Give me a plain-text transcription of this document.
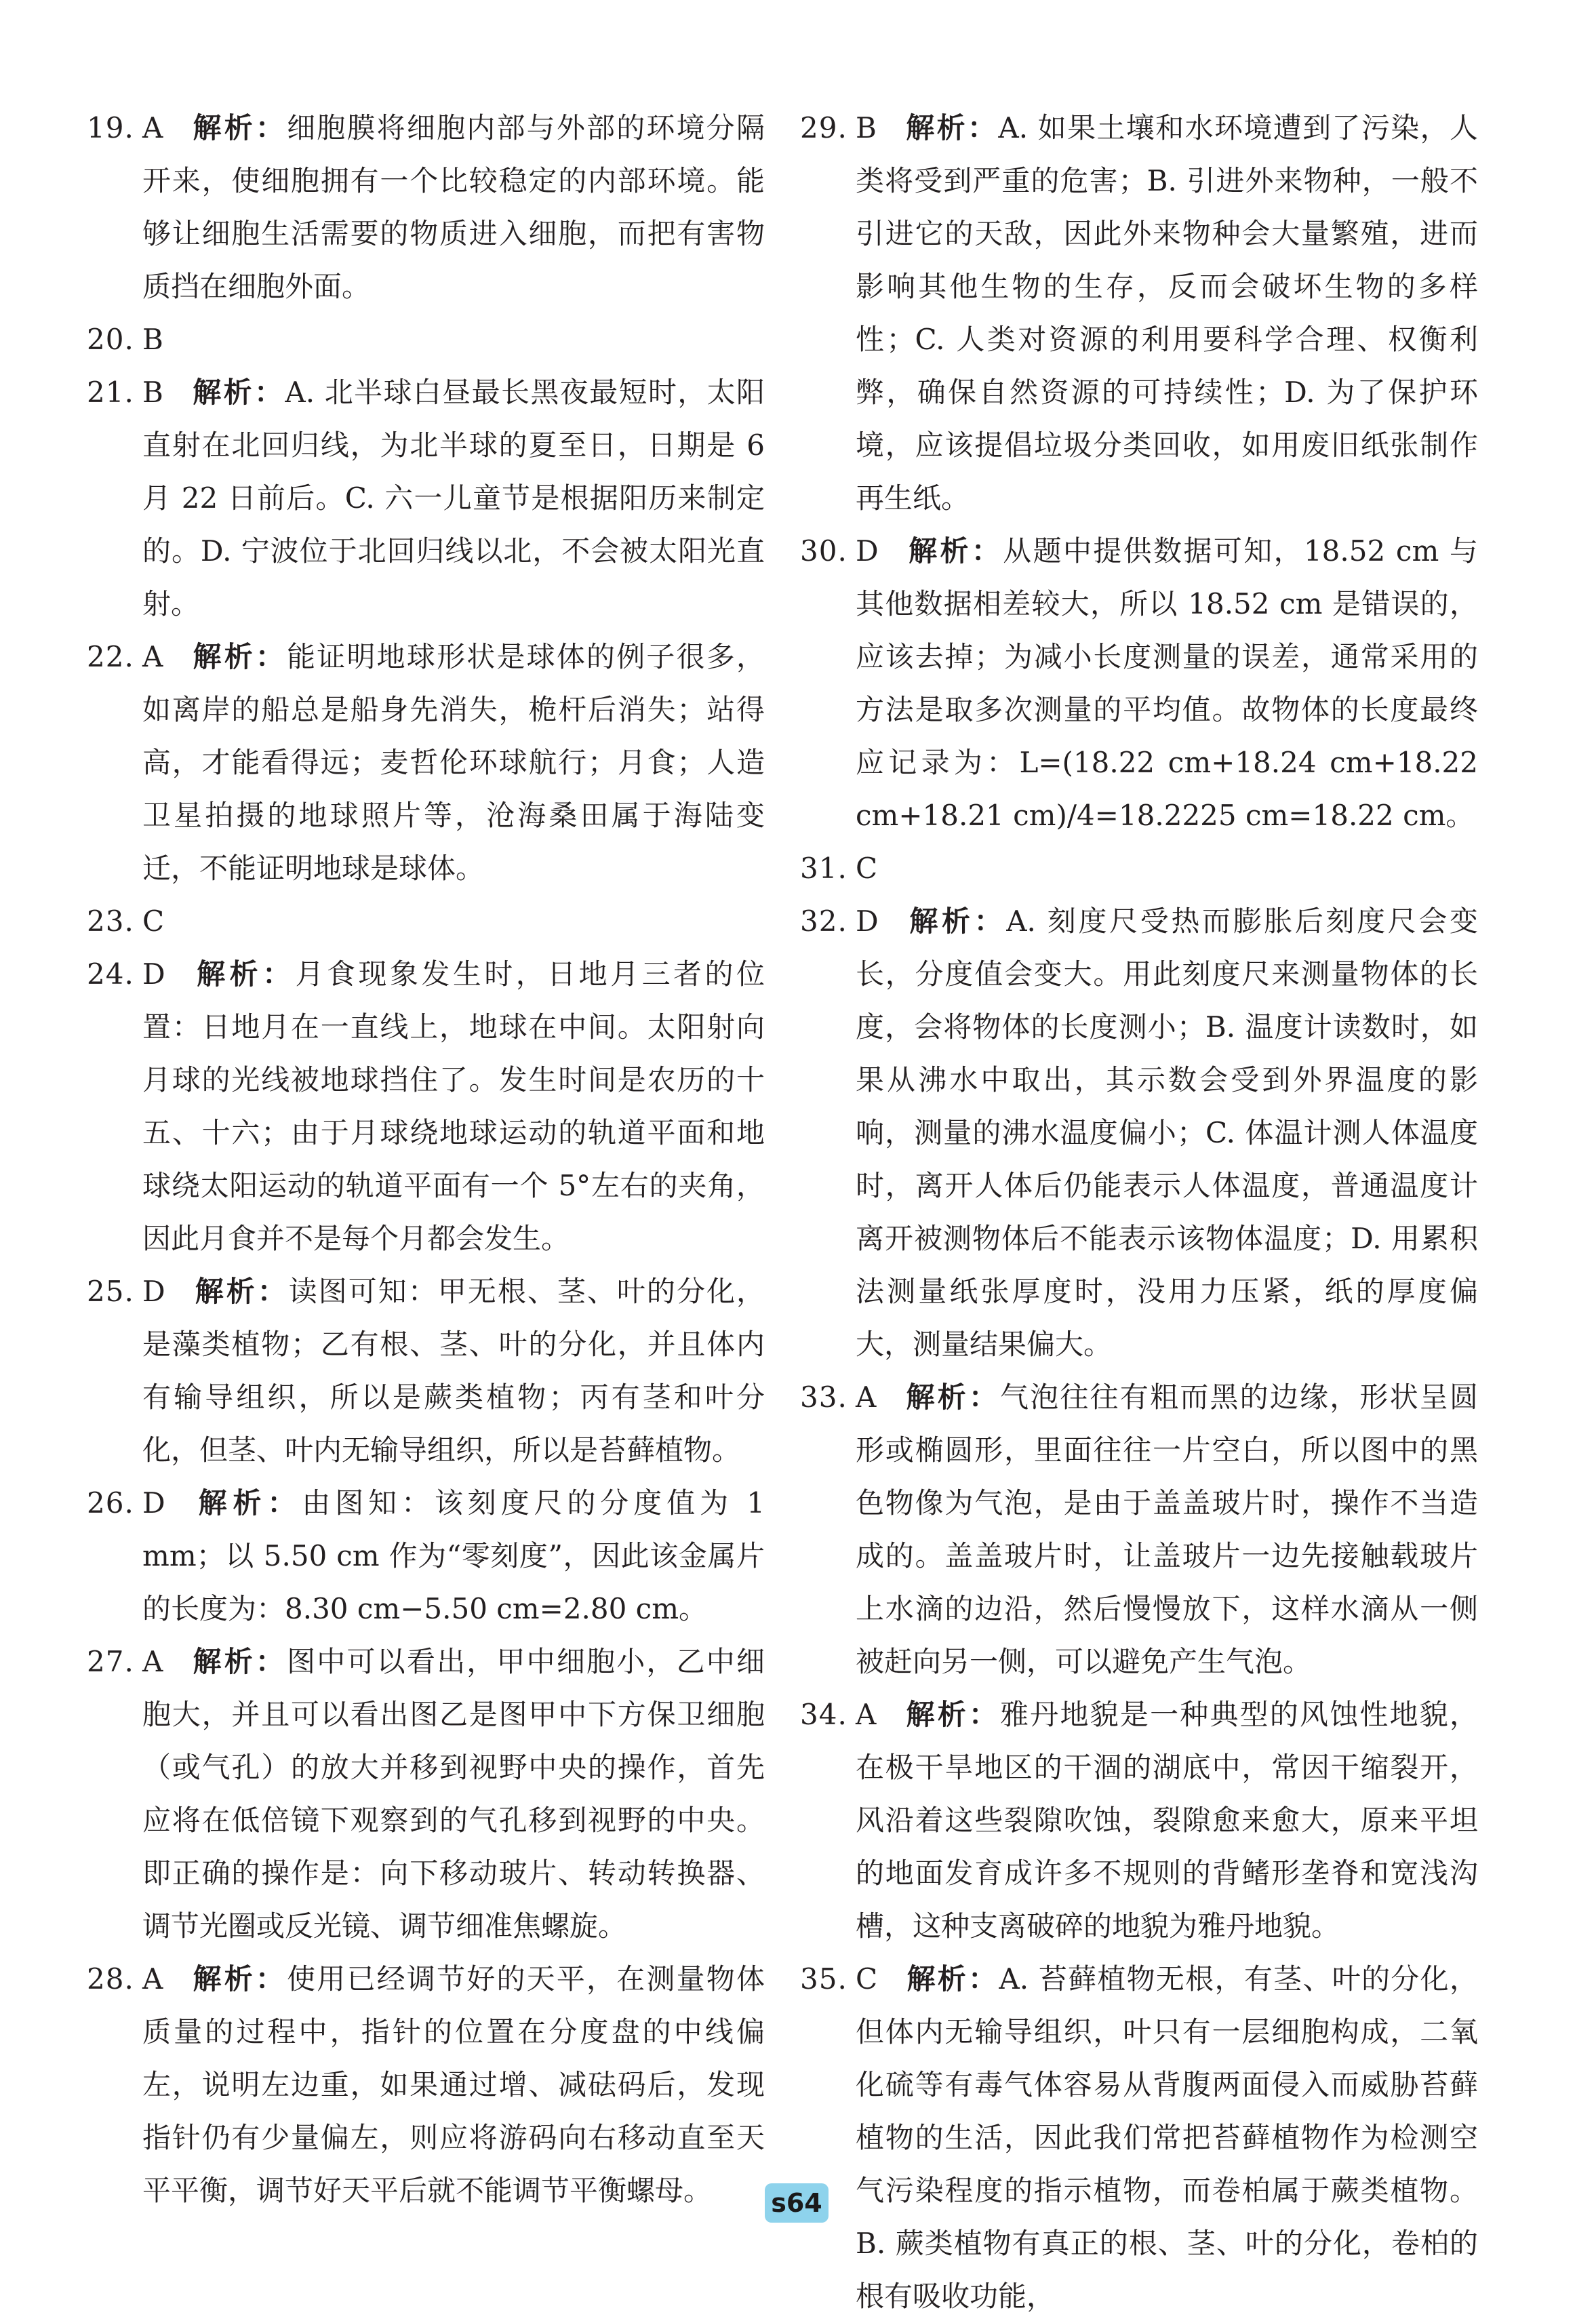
19. A 解析：细胞膜将细胞内部与外部的环境分隔开来，使细胞拥有一个比较稳定的内部环境。能够让细胞生活需要的物质进入细胞，而把有害物质挡在细胞外面。
20. B
21. B 解析：A. 北半球白昼最长黑夜最短时，太阳直射在北回归线，为北半球的夏至日，日期是 6 月 22 日前后。C. 六一儿童节是根据阳历来制定的。D. 宁波位于北回归线以北，不会被太阳光直射。
22. A 解析：能证明地球形状是球体的例子很多，如离岸的船总是船身先消失，桅杆后消失；站得高，才能看得远；麦哲伦环球航行；月食；人造卫星拍摄的地球照片等，沧海桑田属于海陆变迁，不能证明地球是球体。
23. C
24. D 解析：月食现象发生时，日地月三者的位置：日地月在一直线上，地球在中间。太阳射向月球的光线被地球挡住了。发生时间是农历的十五、十六；由于月球绕地球运动的轨道平面和地球绕太阳运动的轨道平面有一个 5°左右的夹角，因此月食并不是每个月都会发生。
25. D 解析：读图可知：甲无根、茎、叶的分化，是藻类植物；乙有根、茎、叶的分化，并且体内有输导组织，所以是蕨类植物；丙有茎和叶分化，但茎、叶内无输导组织，所以是苔藓植物。
26. D 解析：由图知：该刻度尺的分度值为 1 mm；以 5.50 cm 作为“零刻度”，因此该金属片的长度为：8.30 cm−5.50 cm=2.80 cm。
27. A 解析：图中可以看出，甲中细胞小，乙中细胞大，并且可以看出图乙是图甲中下方保卫细胞（或气孔）的放大并移到视野中央的操作，首先应将在低倍镜下观察到的气孔移到视野的中央。即正确的操作是：向下移动玻片、转动转换器、调节光圈或反光镜、调节细准焦螺旋。
28. A 解析：使用已经调节好的天平，在测量物体质量的过程中，指针的位置在分度盘的中线偏左，说明左边重，如果通过增、减砝码后，发现指针仍有少量偏左，则应将游码向右移动直至天平平衡，调节好天平后就不能调节平衡螺母。
29. B 解析：A. 如果土壤和水环境遭到了污染，人类将受到严重的危害；B. 引进外来物种，一般不引进它的天敌，因此外来物种会大量繁殖，进而影响其他生物的生存，反而会破坏生物的多样性；C. 人类对资源的利用要科学合理、权衡利弊，确保自然资源的可持续性；D. 为了保护环境，应该提倡垃圾分类回收，如用废旧纸张制作再生纸。
30. D 解析：从题中提供数据可知，18.52 cm 与其他数据相差较大，所以 18.52 cm 是错误的，应该去掉；为减小长度测量的误差，通常采用的方法是取多次测量的平均值。故物体的长度最终应记录为：L=(18.22 cm+18.24 cm+18.22 cm+18.21 cm)/4=18.2225 cm=18.22 cm。
31. C
32. D 解析：A. 刻度尺受热而膨胀后刻度尺会变长，分度值会变大。用此刻度尺来测量物体的长度，会将物体的长度测小；B. 温度计读数时，如果从沸水中取出，其示数会受到外界温度的影响，测量的沸水温度偏小；C. 体温计测人体温度时，离开人体后仍能表示人体温度，普通温度计离开被测物体后不能表示该物体温度；D. 用累积法测量纸张厚度时，没用力压紧，纸的厚度偏大，测量结果偏大。
33. A 解析：气泡往往有粗而黑的边缘，形状呈圆形或椭圆形，里面往往一片空白，所以图中的黑色物像为气泡，是由于盖盖玻片时，操作不当造成的。盖盖玻片时，让盖玻片一边先接触载玻片上水滴的边沿，然后慢慢放下，这样水滴从一侧被赶向另一侧，可以避免产生气泡。
34. A 解析：雅丹地貌是一种典型的风蚀性地貌，在极干旱地区的干涸的湖底中，常因干缩裂开，风沿着这些裂隙吹蚀，裂隙愈来愈大，原来平坦的地面发育成许多不规则的背鳍形垄脊和宽浅沟槽，这种支离破碎的地貌为雅丹地貌。
35. C 解析：A. 苔藓植物无根，有茎、叶的分化，但体内无输导组织，叶只有一层细胞构成，二氧化硫等有毒气体容易从背腹两面侵入而威胁苔藓植物的生活，因此我们常把苔藓植物作为检测空气污染程度的指示植物，而卷柏属于蕨类植物。B. 蕨类植物有真正的根、茎、叶的分化，卷柏的根有吸收功能，
s64
